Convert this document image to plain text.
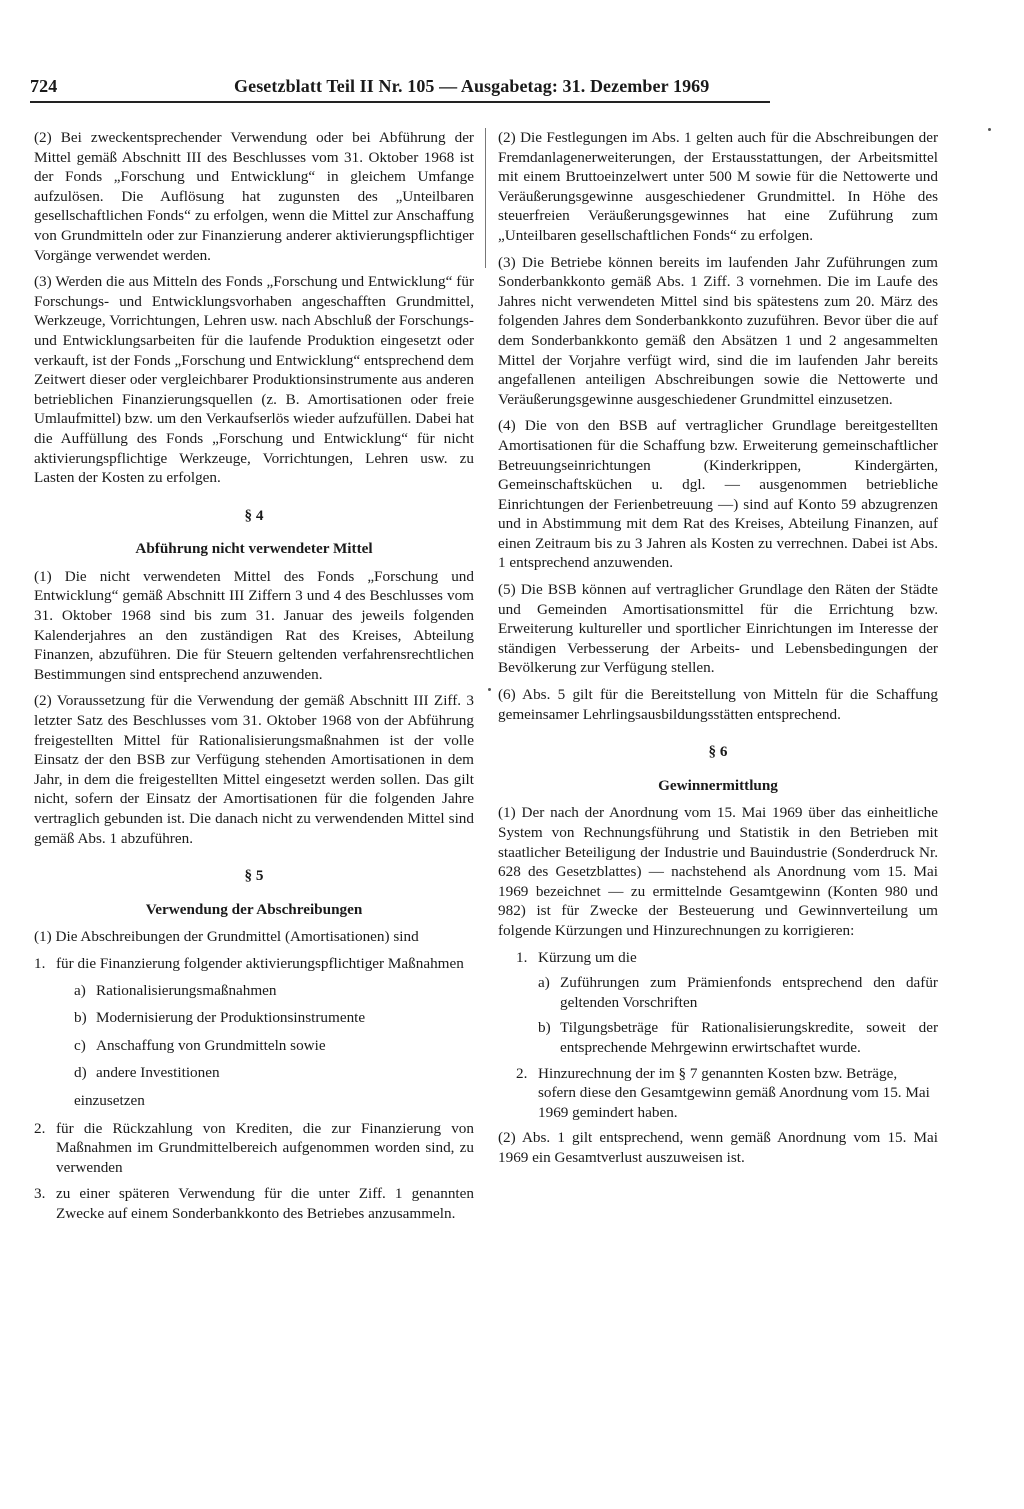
724	Gesetzblatt Teil II Nr. 105 — Ausgabetag: 31. Dezember 1969

(2) Bei zweckentsprechender Verwendung oder bei Abführung der Mittel gemäß Abschnitt III des Beschlusses vom 31. Oktober 1968 ist der Fonds „Forschung und Entwicklung“ in gleichem Umfange aufzulösen. Die Auflösung hat zugunsten des „Unteilbaren gesellschaftlichen Fonds“ zu erfolgen, wenn die Mittel zur Anschaffung von Grundmitteln oder zur Finanzierung anderer aktivierungspflichtiger Vorgänge verwendet werden.

(3) Werden die aus Mitteln des Fonds „Forschung und Entwicklung“ für Forschungs- und Entwicklungsvorhaben angeschafften Grundmittel, Werkzeuge, Vorrichtungen, Lehren usw. nach Abschluß der Forschungs- und Entwicklungsarbeiten für die laufende Produktion eingesetzt oder verkauft, ist der Fonds „Forschung und Entwicklung“ entsprechend dem Zeitwert dieser oder vergleichbarer Produktionsinstrumente aus anderen betrieblichen Finanzierungsquellen (z. B. Amortisationen oder freie Umlaufmittel) bzw. um den Verkaufserlös wieder aufzufüllen. Dabei hat die Auffüllung des Fonds „Forschung und Entwicklung“ für nicht aktivierungspflichtige Werkzeuge, Vorrichtungen, Lehren usw. zu Lasten der Kosten zu erfolgen.

§ 4
Abführung nicht verwendeter Mittel

(1) Die nicht verwendeten Mittel des Fonds „Forschung und Entwicklung“ gemäß Abschnitt III Ziffern 3 und 4 des Beschlusses vom 31. Oktober 1968 sind bis zum 31. Januar des jeweils folgenden Kalenderjahres an den zuständigen Rat des Kreises, Abteilung Finanzen, abzuführen. Die für Steuern geltenden verfahrensrechtlichen Bestimmungen sind entsprechend anzuwenden.

(2) Voraussetzung für die Verwendung der gemäß Abschnitt III Ziff. 3 letzter Satz des Beschlusses vom 31. Oktober 1968 von der Abführung freigestellten Mittel für Rationalisierungsmaßnahmen ist der volle Einsatz der den BSB zur Verfügung stehenden Amortisationen in dem Jahr, in dem die freigestellten Mittel eingesetzt werden sollen. Das gilt nicht, sofern der Einsatz der Amortisationen für die folgenden Jahre vertraglich gebunden ist. Die danach nicht zu verwendenden Mittel sind gemäß Abs. 1 abzuführen.

§ 5
Verwendung der Abschreibungen

(1) Die Abschreibungen der Grundmittel (Amortisationen) sind

1. für die Finanzierung folgender aktivierungspflichtiger Maßnahmen
a) Rationalisierungsmaßnahmen
b) Modernisierung der Produktionsinstrumente
c) Anschaffung von Grundmitteln sowie
d) andere Investitionen
einzusetzen
2. für die Rückzahlung von Krediten, die zur Finanzierung von Maßnahmen im Grundmittelbereich aufgenommen worden sind, zu verwenden
3. zu einer späteren Verwendung für die unter Ziff. 1 genannten Zwecke auf einem Sonderbankkonto des Betriebes anzusammeln.

(2) Die Festlegungen im Abs. 1 gelten auch für die Abschreibungen der Fremdanlagenerweiterungen, der Erstausstattungen, der Arbeitsmittel mit einem Bruttoeinzelwert unter 500 M sowie für die Nettowerte und Veräußerungsgewinne ausgeschiedener Grundmittel. In Höhe des steuerfreien Veräußerungsgewinnes hat eine Zuführung zum „Unteilbaren gesellschaftlichen Fonds“ zu erfolgen.

(3) Die Betriebe können bereits im laufenden Jahr Zuführungen zum Sonderbankkonto gemäß Abs. 1 Ziff. 3 vornehmen. Die im Laufe des Jahres nicht verwendeten Mittel sind bis spätestens zum 20. März des folgenden Jahres dem Sonderbankkonto zuzuführen. Bevor über die auf dem Sonderbankkonto gemäß den Absätzen 1 und 2 angesammelten Mittel der Vorjahre verfügt wird, sind die im laufenden Jahr bereits angefallenen anteiligen Abschreibungen sowie die Nettowerte und Veräußerungsgewinne ausgeschiedener Grundmittel einzusetzen.

(4) Die von den BSB auf vertraglicher Grundlage bereitgestellten Amortisationen für die Schaffung bzw. Erweiterung gemeinschaftlicher Betreuungseinrichtungen (Kinderkrippen, Kindergärten, Gemeinschaftsküchen u. dgl. — ausgenommen betriebliche Einrichtungen der Ferienbetreuung —) sind auf Konto 59 abzugrenzen und in Abstimmung mit dem Rat des Kreises, Abteilung Finanzen, auf einen Zeitraum bis zu 3 Jahren als Kosten zu verrechnen. Dabei ist Abs. 1 entsprechend anzuwenden.

(5) Die BSB können auf vertraglicher Grundlage den Räten der Städte und Gemeinden Amortisationsmittel für die Errichtung bzw. Erweiterung kultureller und sportlicher Einrichtungen im Interesse der ständigen Verbesserung der Arbeits- und Lebensbedingungen der Bevölkerung zur Verfügung stellen.

(6) Abs. 5 gilt für die Bereitstellung von Mitteln für die Schaffung gemeinsamer Lehrlingsausbildungsstätten entsprechend.

§ 6
Gewinnermittlung

(1) Der nach der Anordnung vom 15. Mai 1969 über das einheitliche System von Rechnungsführung und Statistik in den Betrieben mit staatlicher Beteiligung der Industrie und Bauindustrie (Sonderdruck Nr. 628 des Gesetzblattes) — nachstehend als Anordnung vom 15. Mai 1969 bezeichnet — zu ermittelnde Gesamtgewinn (Konten 980 und 982) ist für Zwecke der Besteuerung und Gewinnverteilung um folgende Kürzungen und Hinzurechnungen zu korrigieren:

1. Kürzung um die
a) Zuführungen zum Prämienfonds entsprechend den dafür geltenden Vorschriften
b) Tilgungsbeträge für Rationalisierungskredite, soweit der entsprechende Mehrgewinn erwirtschaftet wurde.
2. Hinzurechnung der im § 7 genannten Kosten bzw. Beträge, sofern diese den Gesamtgewinn gemäß Anordnung vom 15. Mai 1969 gemindert haben.

(2) Abs. 1 gilt entsprechend, wenn gemäß Anordnung vom 15. Mai 1969 ein Gesamtverlust auszuweisen ist.
